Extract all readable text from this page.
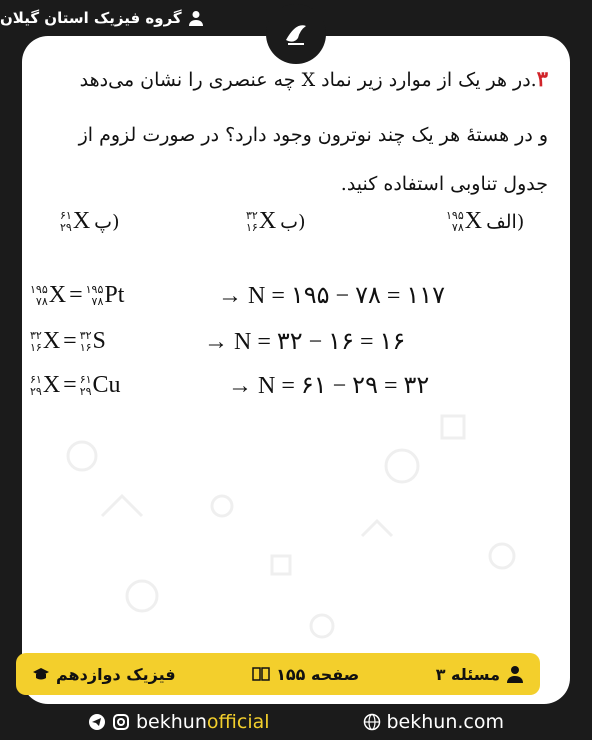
گروه فیزیک استان گیلان
۳.در هر یک از موارد زیر نماد X چه عنصری را نشان می‌دهد
و در هستهٔ هر یک چند نوترون وجود دارد؟ در صورت لزوم از
جدول تناوبی استفاده کنید.
۱۹۵
۷۸ X الف)
۳۲
۱۶ X ب)
۶۱
۲۹ X پ)
۱۹۵
۷۸ X = ۱۹۵
۷۸ Pt	→ N = ۱۹۵ − ۷۸ = ۱۱۷
۳۲
۱۶ X = ۳۲
۱۶ S	→ N = ۳۲ − ۱۶ = ۱۶
۶۱
۲۹ X = ۶۱
۲۹ Cu	→ N = ۶۱ − ۲۹ = ۳۲
مسئله ۳
صفحه ۱۵۵
فیزیک دوازدهم
bekhunofficial	bekhun.com
